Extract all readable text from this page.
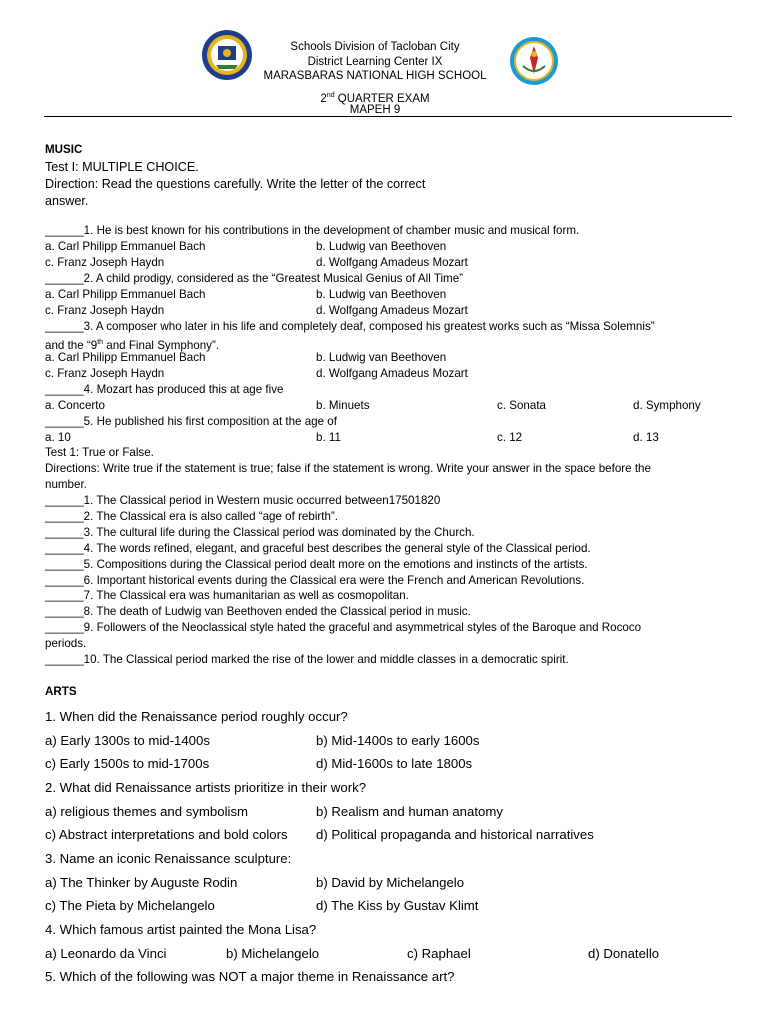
Schools Division of Tacloban City
District Learning Center IX
MARASBARAS NATIONAL HIGH SCHOOL
2nd QUARTER EXAM
MAPEH 9
MUSIC
Test I: MULTIPLE CHOICE.
Direction: Read the questions carefully. Write the letter of the correct
answer.
______1. He is best known for his contributions in the development of chamber music and musical form.
a. Carl Philipp Emmanuel Bach	b. Ludwig van Beethoven
c. Franz Joseph Haydn	d. Wolfgang Amadeus Mozart
______2. A child prodigy, considered as the “Greatest Musical Genius of All Time”
a. Carl Philipp Emmanuel Bach	b. Ludwig van Beethoven
c. Franz Joseph Haydn	d. Wolfgang Amadeus Mozart
______3. A composer who later in his life and completely deaf, composed his greatest works such as “Missa Solemnis”
and the “9th and Final Symphony”.
a. Carl Philipp Emmanuel Bach	b. Ludwig van Beethoven
c. Franz Joseph Haydn	d. Wolfgang Amadeus Mozart
______4. Mozart has produced this at age five
a. Concerto	b. Minuets	c. Sonata	d. Symphony
______5. He published his first composition at the age of
a. 10	b. 11	c. 12	d. 13
Test 1: True or False.
Directions: Write true if the statement is true; false if the statement is wrong. Write your answer in the space before the
number.
______1. The Classical period in Western music occurred between17501820
______2. The Classical era is also called “age of rebirth”.
______3. The cultural life during the Classical period was dominated by the Church.
______4. The words refined, elegant, and graceful best describes the general style of the Classical period.
______5. Compositions during the Classical period dealt more on the emotions and instincts of the artists.
______6. Important historical events during the Classical era were the French and American Revolutions.
______7. The Classical era was humanitarian as well as cosmopolitan.
______8. The death of Ludwig van Beethoven ended the Classical period in music.
______9. Followers of the Neoclassical style hated the graceful and asymmetrical styles of the Baroque and Rococo
periods.
______10. The Classical period marked the rise of the lower and middle classes in a democratic spirit.
ARTS
1. When did the Renaissance period roughly occur?
a) Early 1300s to mid-1400s	b) Mid-1400s to early 1600s
c) Early 1500s to mid-1700s	d) Mid-1600s to late 1800s
2. What did Renaissance artists prioritize in their work?
a) religious themes and symbolism	b) Realism and human anatomy
c) Abstract interpretations and bold colors d) Political propaganda and historical narratives
3. Name an iconic Renaissance sculpture:
a) The Thinker by Auguste Rodin	b) David by Michelangelo
c) The Pieta by Michelangelo	d) The Kiss by Gustav Klimt
4. Which famous artist painted the Mona Lisa?
a) Leonardo da Vinci	b) Michelangelo	c) Raphael	d) Donatello
5. Which of the following was NOT a major theme in Renaissance art?
